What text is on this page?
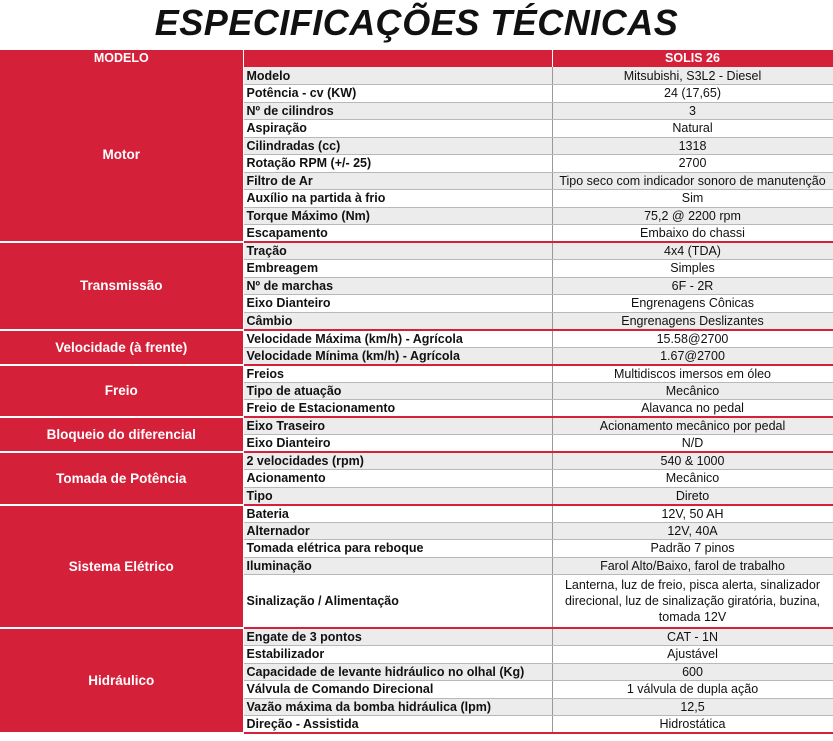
ESPECIFICAÇÕES TÉCNICAS
MODELO		SOLIS 26
Motor	Modelo	Mitsubishi, S3L2 - Diesel
	Potência - cv (KW)	24 (17,65)
	Nº de cilindros	3
	Aspiração	Natural
	Cilindradas (cc)	1318
	Rotação RPM (+/- 25)	2700
	Filtro de Ar	Tipo seco com indicador sonoro de manutenção
	Auxílio na partida à frio	Sim
	Torque Máximo (Nm)	75,2 @ 2200 rpm
	Escapamento	Embaixo do chassi
Transmissão	Tração	4x4 (TDA)
	Embreagem	Simples
	Nº de marchas	6F - 2R
	Eixo Dianteiro	Engrenagens Cônicas
	Câmbio	Engrenagens Deslizantes
Velocidade (à frente)	Velocidade Máxima (km/h) - Agrícola	15.58@2700
	Velocidade Mínima (km/h) - Agrícola	1.67@2700
Freio	Freios	Multidiscos imersos em óleo
	Tipo de atuação	Mecânico
	Freio de Estacionamento	Alavanca no pedal
Bloqueio do diferencial	Eixo Traseiro	Acionamento mecânico por pedal
	Eixo Dianteiro	N/D
Tomada de Potência	2 velocidades (rpm)	540 & 1000
	Acionamento	Mecânico
	Tipo	Direto
Sistema Elétrico	Bateria	12V, 50 AH
	Alternador	12V, 40A
	Tomada elétrica para reboque	Padrão 7 pinos
	Iluminação	Farol Alto/Baixo, farol de trabalho
	Sinalização / Alimentação	Lanterna, luz de freio, pisca alerta, sinalizador direcional, luz de sinalização giratória, buzina, tomada 12V
Hidráulico	Engate de 3 pontos	CAT - 1N
	Estabilizador	Ajustável
	Capacidade de levante hidráulico no olhal (Kg)	600
	Válvula de Comando Direcional	1 válvula de dupla ação
	Vazão máxima da bomba hidráulica (lpm)	12,5
	Direção - Assistida	Hidrostática
